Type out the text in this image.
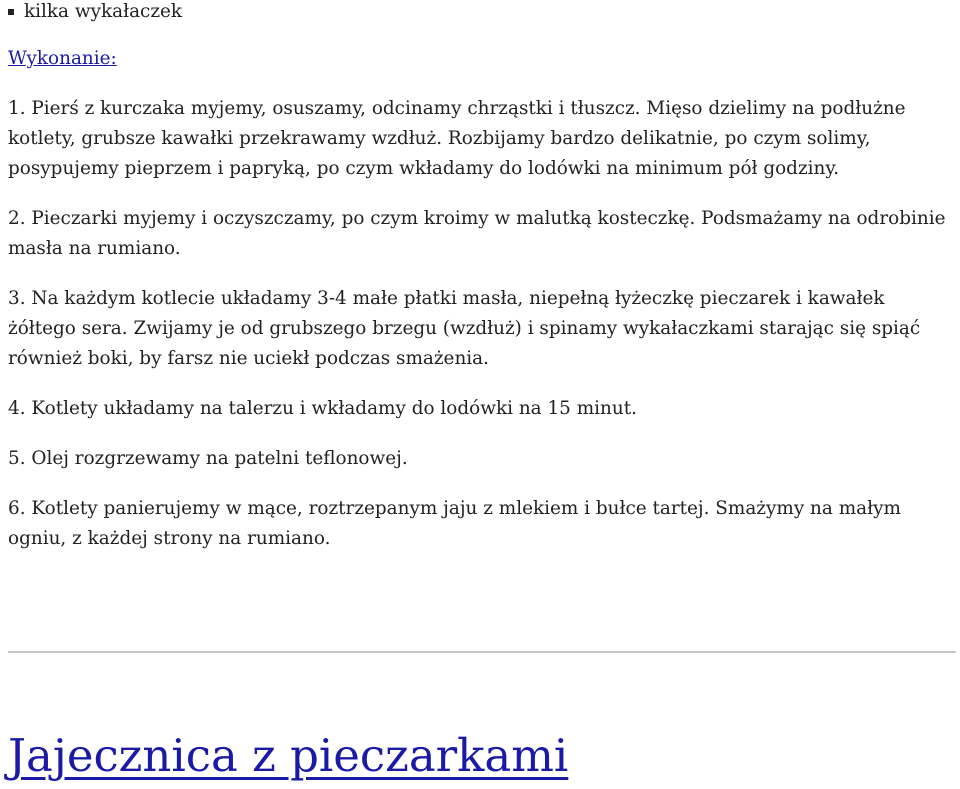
kilka wykałaczek

Wykonanie:

1. Pierś z kurczaka myjemy, osuszamy, odcinamy chrząstki i tłuszcz. Mięso dzielimy na podłużne kotlety, grubsze kawałki przekrawamy wzdłuż. Rozbijamy bardzo delikatnie, po czym solimy, posypujemy pieprzem i papryką, po czym wkładamy do lodówki na minimum pół godziny.

2. Pieczarki myjemy i oczyszczamy, po czym kroimy w malutką kosteczkę. Podsmażamy na odrobinie masła na rumiano.

3. Na każdym kotlecie układamy 3-4 małe płatki masła, niepełną łyżeczkę pieczarek i kawałek żółtego sera. Zwijamy je od grubszego brzegu (wzdłuż) i spinamy wykałaczkami starając się spiąć również boki, by farsz nie uciekł podczas smażenia.

4. Kotlety układamy na talerzu i wkładamy do lodówki na 15 minut.

5. Olej rozgrzewamy na patelni teflonowej.

6. Kotlety panierujemy w mące, roztrzepanym jaju z mlekiem i bułce tartej. Smażymy na małym ogniu, z każdej strony na rumiano.

Jajecznica z pieczarkami
